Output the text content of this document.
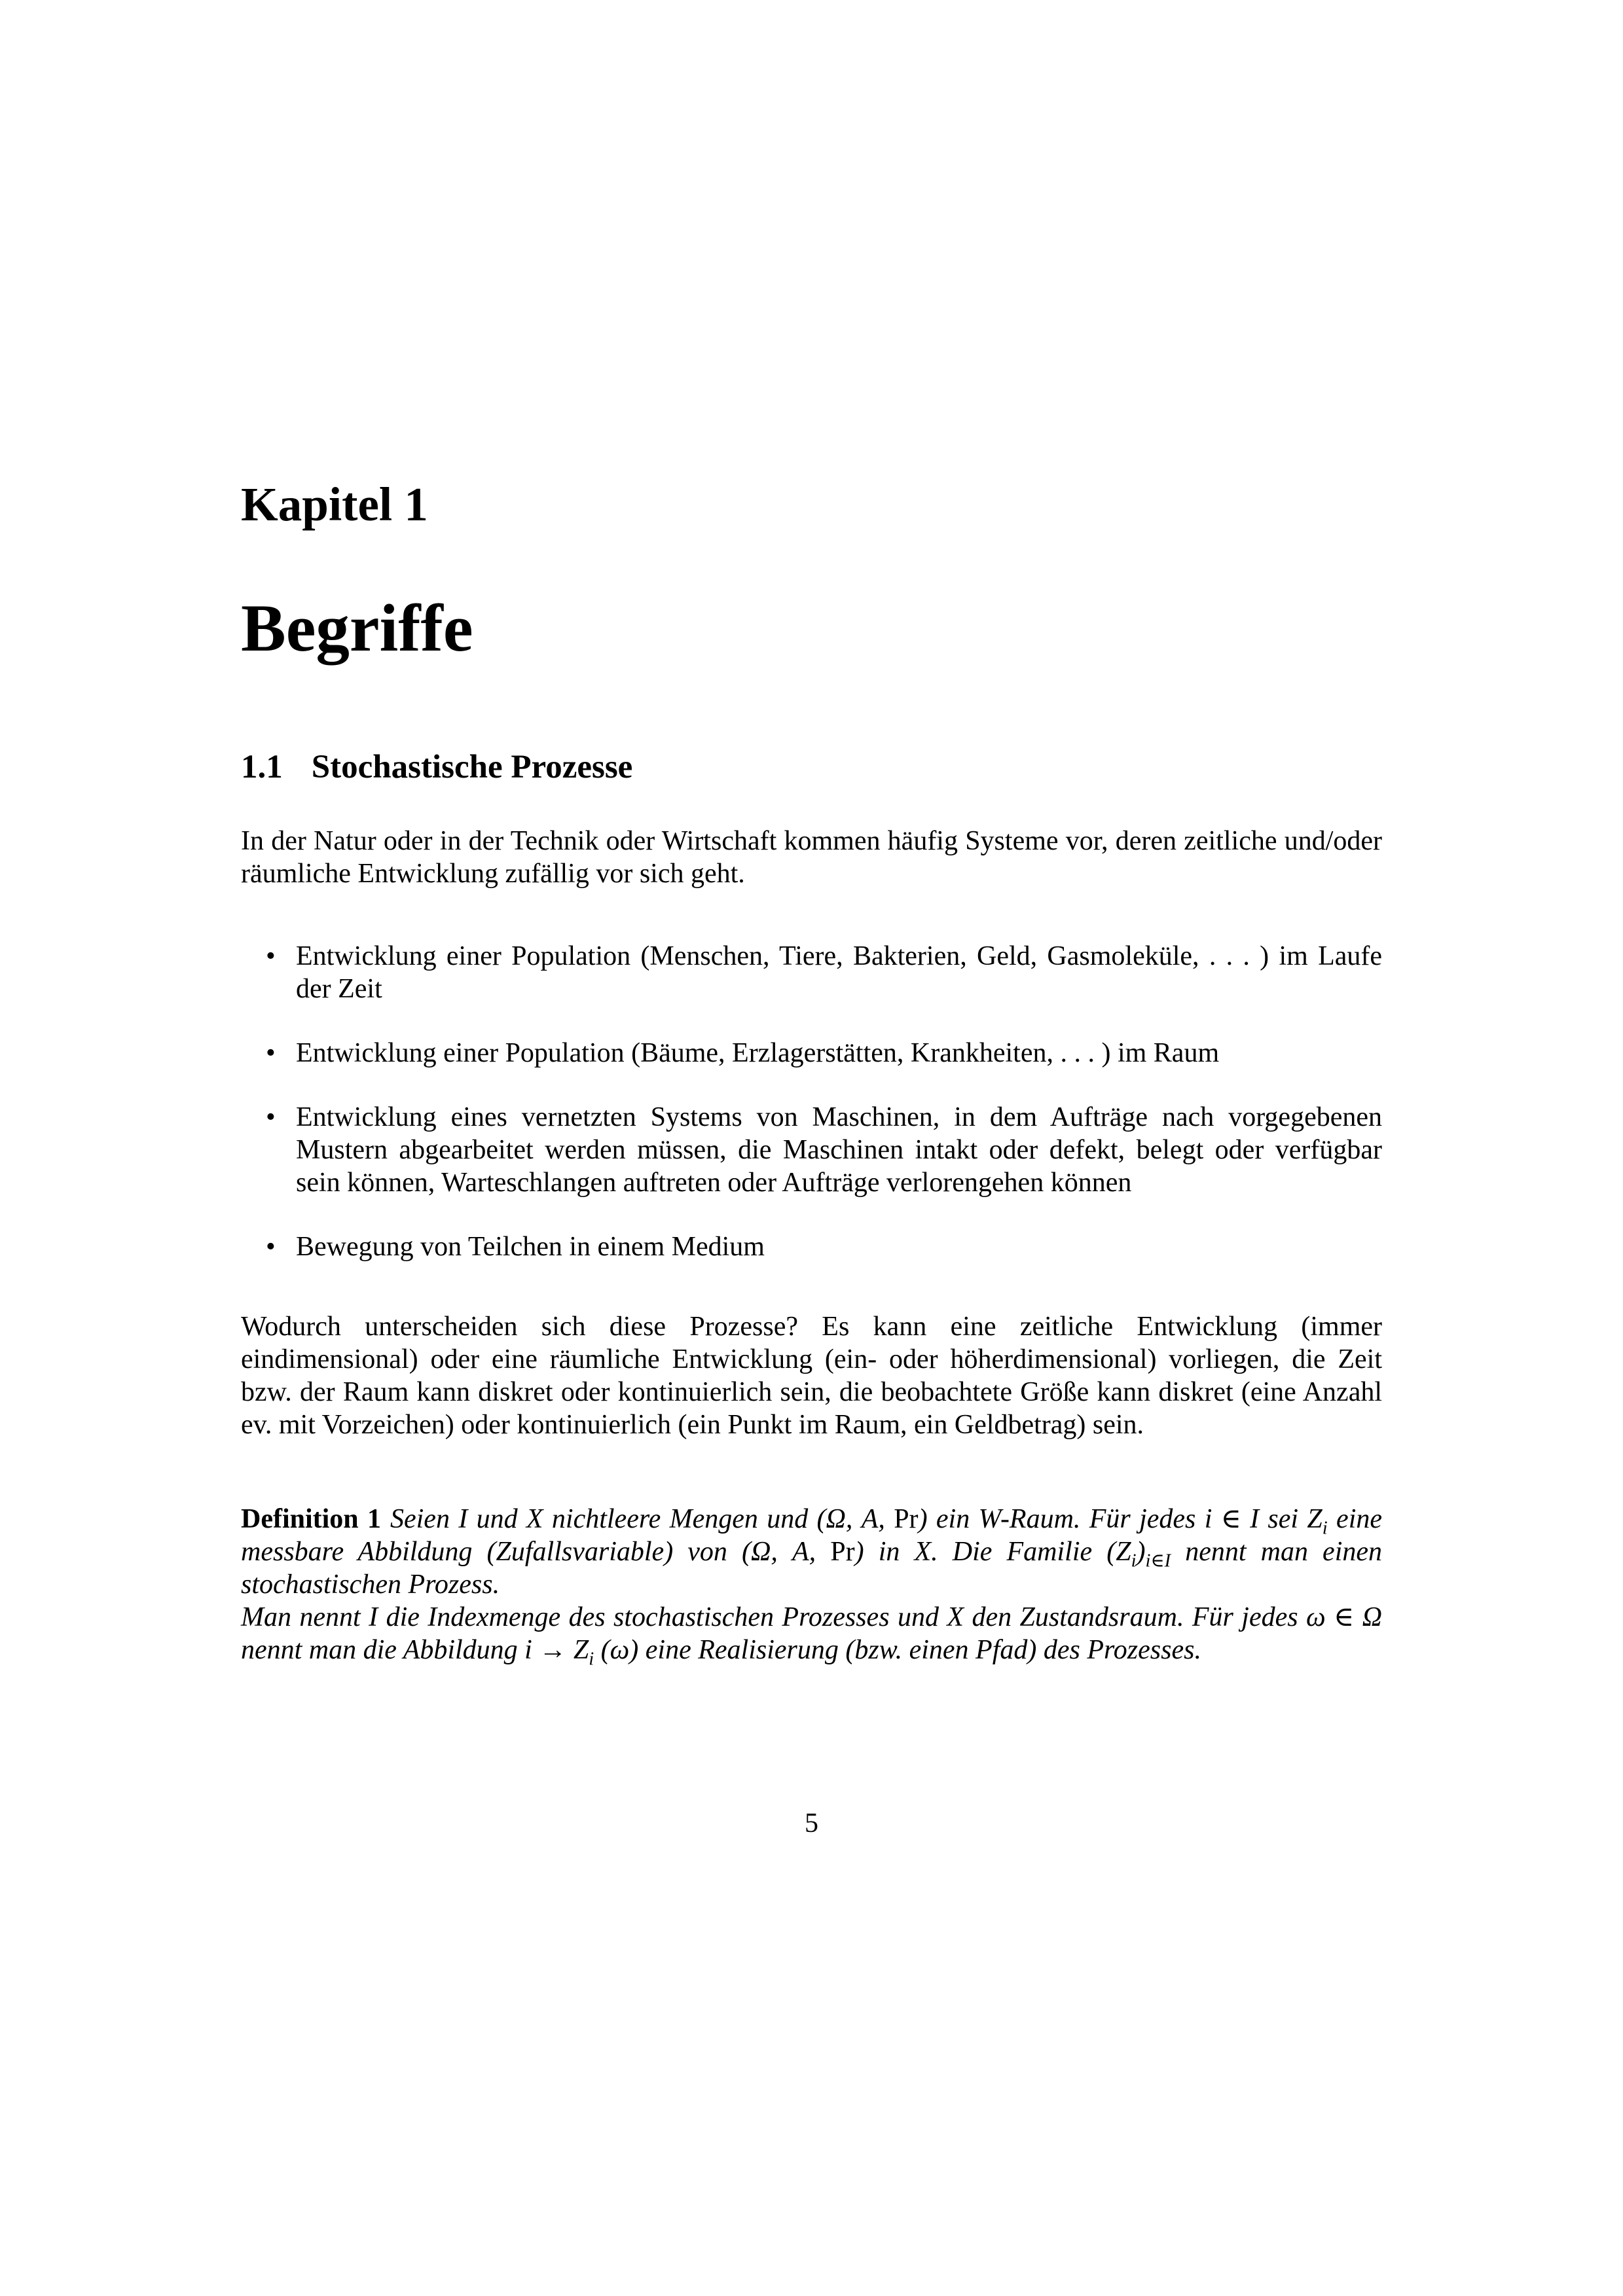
Kapitel 1
Begriffe
1.1 Stochastische Prozesse

In der Natur oder in der Technik oder Wirtschaft kommen häufig Systeme vor, deren zeitliche und/oder räumliche Entwicklung zufällig vor sich geht.

• Entwicklung einer Population (Menschen, Tiere, Bakterien, Geld, Gasmoleküle, . . . ) im Laufe der Zeit
• Entwicklung einer Population (Bäume, Erzlagerstätten, Krankheiten, . . . ) im Raum
• Entwicklung eines vernetzten Systems von Maschinen, in dem Aufträge nach vorgegebenen Mustern abgearbeitet werden müssen, die Maschinen intakt oder defekt, belegt oder verfügbar sein können, Warteschlangen auftreten oder Aufträge verlorengehen können
• Bewegung von Teilchen in einem Medium

Wodurch unterscheiden sich diese Prozesse? Es kann eine zeitliche Entwicklung (immer eindimensional) oder eine räumliche Entwicklung (ein- oder höherdimensional) vorliegen, die Zeit bzw. der Raum kann diskret oder kontinuierlich sein, die beobachtete Größe kann diskret (eine Anzahl ev. mit Vorzeichen) oder kontinuierlich (ein Punkt im Raum, ein Geldbetrag) sein.

Definition 1 Seien I und X nichtleere Mengen und (Ω, A, Pr) ein W-Raum. Für jedes i ∈ I sei $Z_i$ eine messbare Abbildung (Zufallsvariable) von (Ω, A, Pr) in X. Die Familie $(Z_i)_{i\in I}$ nennt man einen stochastischen Prozess.

Man nennt I die Indexmenge des stochastischen Prozesses und X den Zustandsraum. Für jedes ω ∈ Ω nennt man die Abbildung $i \to Z_i$ (ω) eine Realisierung (bzw. einen Pfad) des Prozesses.

5
